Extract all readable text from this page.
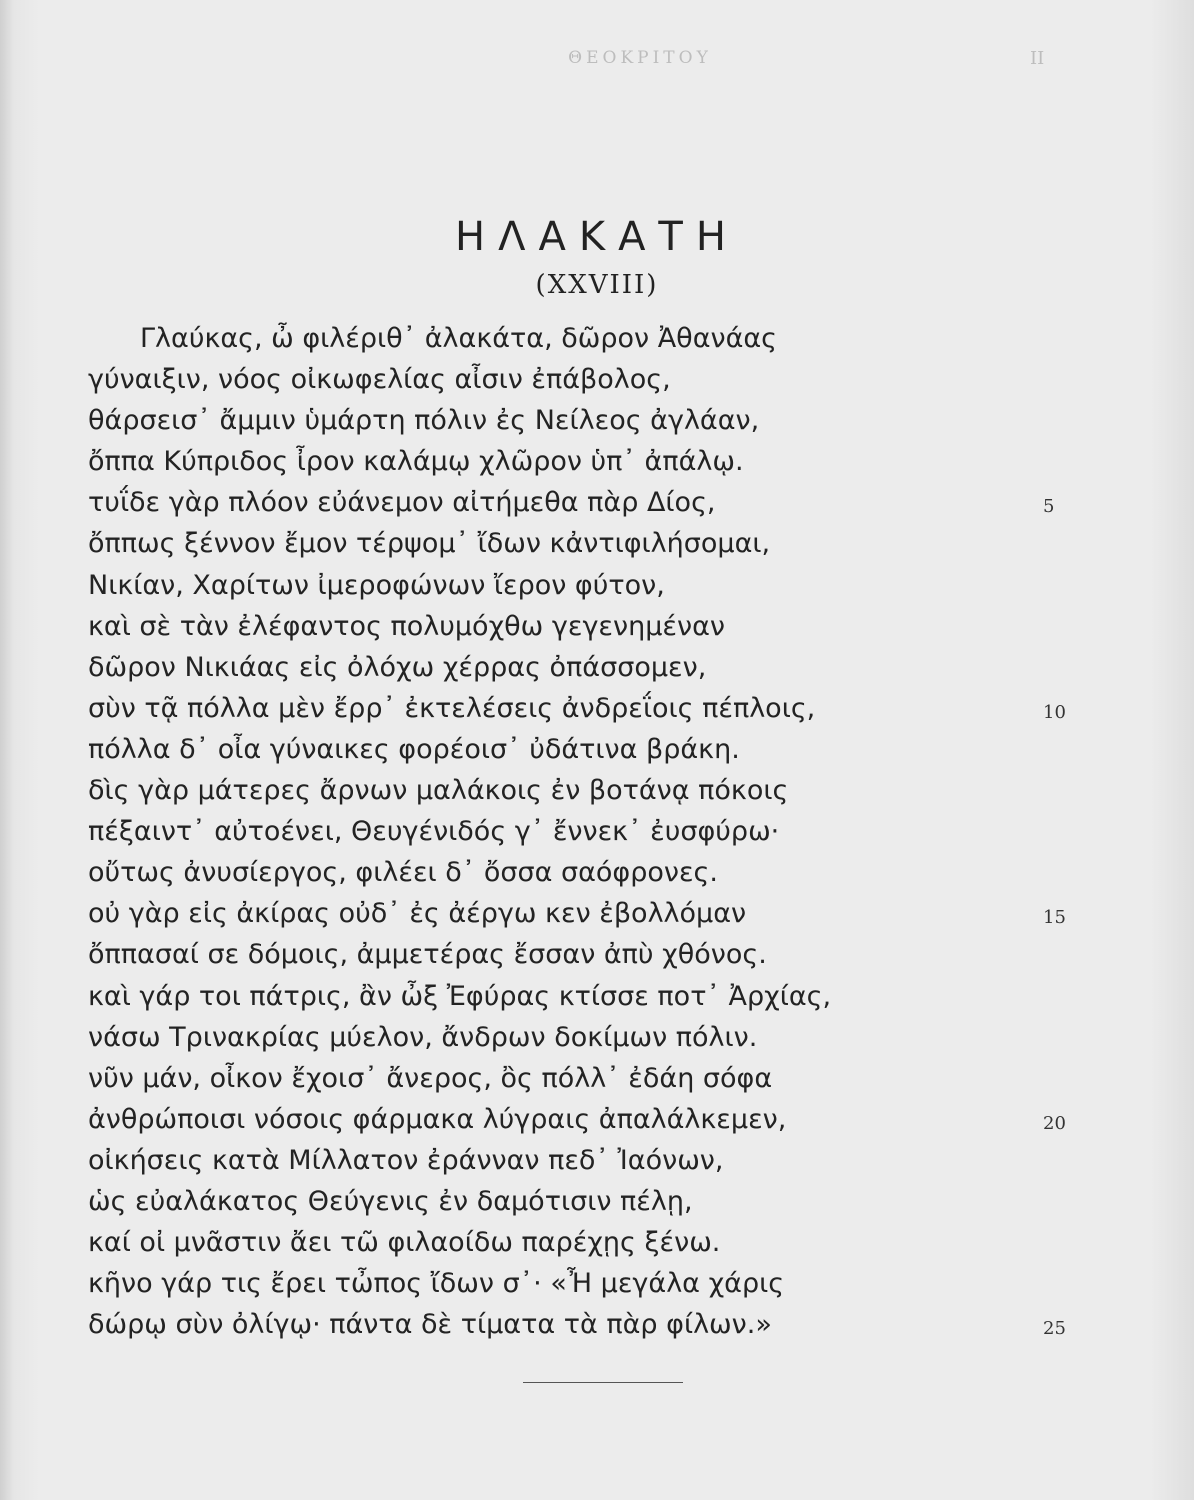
ΘΕΟΚΡΙΤΟΥ	II
ΗΛΑΚΑΤΗ
(XXVIII)
Γλαύκας, ὦ φιλέριθ᾽ ἀλακάτα, δῶρον Ἀθανάας
γύναιξιν, νόος οἰκωφελίας αἶσιν ἐπάβολος,
θάρσεισ᾽ ἄμμιν ὑμάρτη πόλιν ἐς Νείλεος ἀγλάαν,
ὄππα Κύπριδος ἶρον καλάμῳ χλῶρον ὑπ᾽ ἀπάλῳ.
τυΐδε γὰρ πλόον εὐάνεμον αἰτήμεθα πὰρ Δίος,	5
ὄππως ξέννον ἔμον τέρψομ᾽ ἴδων κἀντιφιλήσομαι,
Νικίαν, Χαρίτων ἰμεροφώνων ἴερον φύτον,
καὶ σὲ τὰν ἐλέφαντος πολυμόχθω γεγενημέναν
δῶρον Νικιάας εἰς ὀλόχω χέρρας ὀπάσσομεν,
σὺν τᾷ πόλλα μὲν ἔρρ᾽ ἐκτελέσεις ἀνδρεΐοις πέπλοις,	10
πόλλα δ᾽ οἶα γύναικες φορέοισ᾽ ὐδάτινα βράκη.
δὶς γὰρ μάτερες ἄρνων μαλάκοις ἐν βοτάνᾳ πόκοις
πέξαιντ᾽ αὐτοένει, Θευγένιδός γ᾽ ἔννεκ᾽ ἐυσφύρω·
οὔτως ἀνυσίεργος, φιλέει δ᾽ ὄσσα σαόφρονες.
οὐ γὰρ εἰς ἀκίρας οὐδ᾽ ἐς ἀέργω κεν ἐβολλόμαν	15
ὄππασαί σε δόμοις, ἀμμετέρας ἔσσαν ἀπὺ χθόνος.
καὶ γάρ τοι πάτρις, ἂν ὦξ Ἐφύρας κτίσσε ποτ᾽ Ἀρχίας,
νάσω Τρινακρίας μύελον, ἄνδρων δοκίμων πόλιν.
νῦν μάν, οἶκον ἔχοισ᾽ ἄνερος, ὂς πόλλ᾽ ἐδάη σόφα
ἀνθρώποισι νόσοις φάρμακα λύγραις ἀπαλάλκεμεν,	20
οἰκήσεις κατὰ Μίλλατον ἐράνναν πεδ᾽ Ἰαόνων,
ὡς εὐαλάκατος Θεύγενις ἐν δαμότισιν πέλῃ,
καί οἰ μνᾶστιν ἄει τῶ φιλαοίδω παρέχῃς ξένω.
κῆνο γάρ τις ἔρει τὦπος ἴδων σ᾽· «Ἦ μεγάλα χάρις
δώρῳ σὺν ὀλίγῳ· πάντα δὲ τίματα τὰ πὰρ φίλων.»	25
